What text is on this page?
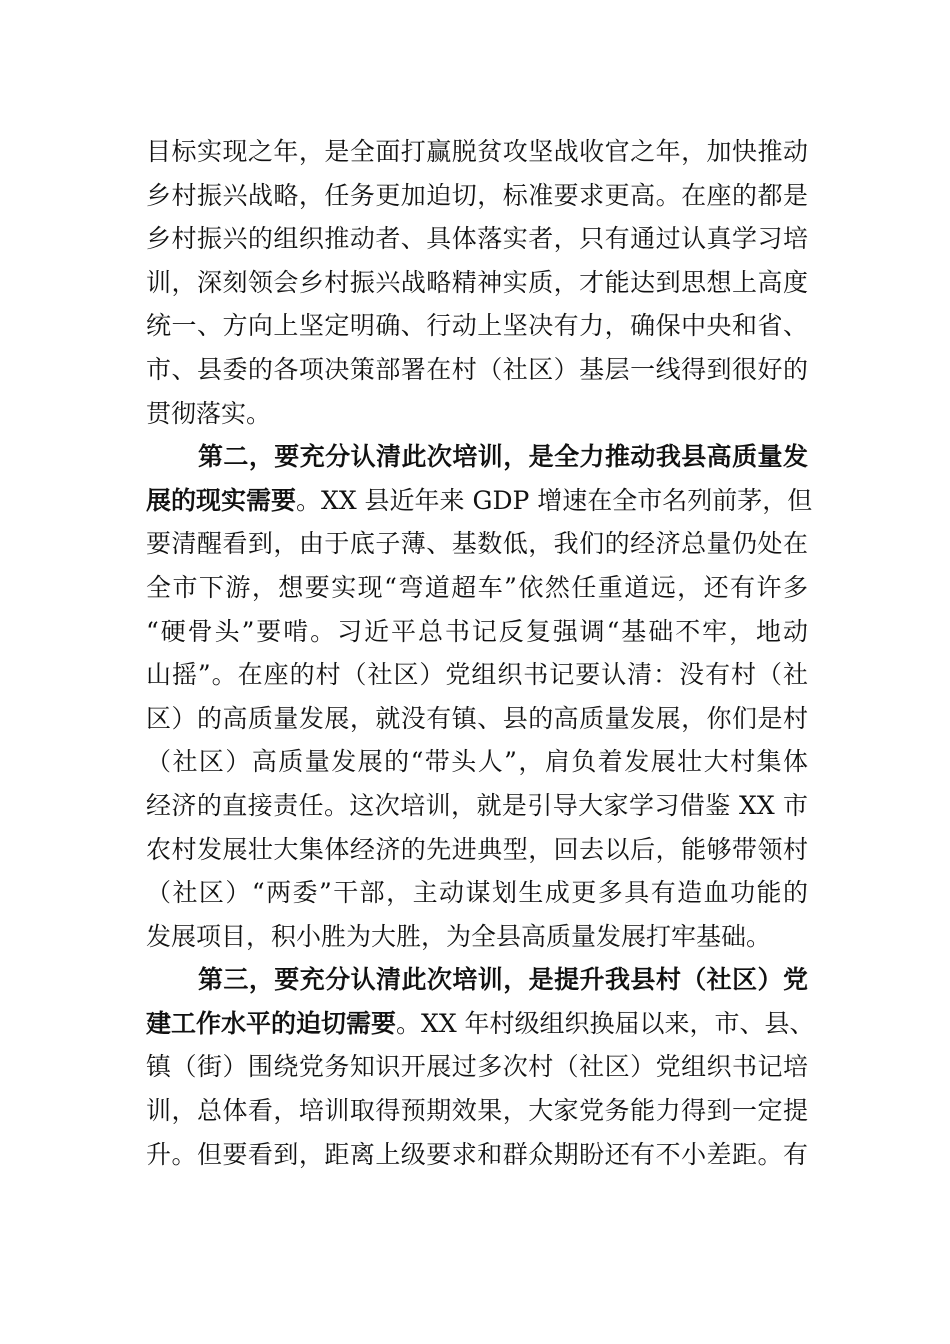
目标实现之年，是全面打赢脱贫攻坚战收官之年，加快推动
乡村振兴战略，任务更加迫切，标准要求更高。在座的都是
乡村振兴的组织推动者、具体落实者，只有通过认真学习培
训，深刻领会乡村振兴战略精神实质，才能达到思想上高度
统一、方向上坚定明确、行动上坚决有力，确保中央和省、
市、县委的各项决策部署在村（社区）基层一线得到很好的
贯彻落实。
第二，要充分认清此次培训，是全力推动我县高质量发
展的现实需要。XX 县近年来 GDP 增速在全市名列前茅，但
要清醒看到，由于底子薄、基数低，我们的经济总量仍处在
全市下游，想要实现“弯道超车”依然任重道远，还有许多
“硬骨头”要啃。习近平总书记反复强调“基础不牢，地动
山摇”。在座的村（社区）党组织书记要认清：没有村（社
区）的高质量发展，就没有镇、县的高质量发展，你们是村
（社区）高质量发展的“带头人”，肩负着发展壮大村集体
经济的直接责任。这次培训，就是引导大家学习借鉴 XX 市
农村发展壮大集体经济的先进典型，回去以后，能够带领村
（社区）“两委”干部，主动谋划生成更多具有造血功能的
发展项目，积小胜为大胜，为全县高质量发展打牢基础。
第三，要充分认清此次培训，是提升我县村（社区）党
建工作水平的迫切需要。XX 年村级组织换届以来，市、县、
镇（街）围绕党务知识开展过多次村（社区）党组织书记培
训，总体看，培训取得预期效果，大家党务能力得到一定提
升。但要看到，距离上级要求和群众期盼还有不小差距。有
